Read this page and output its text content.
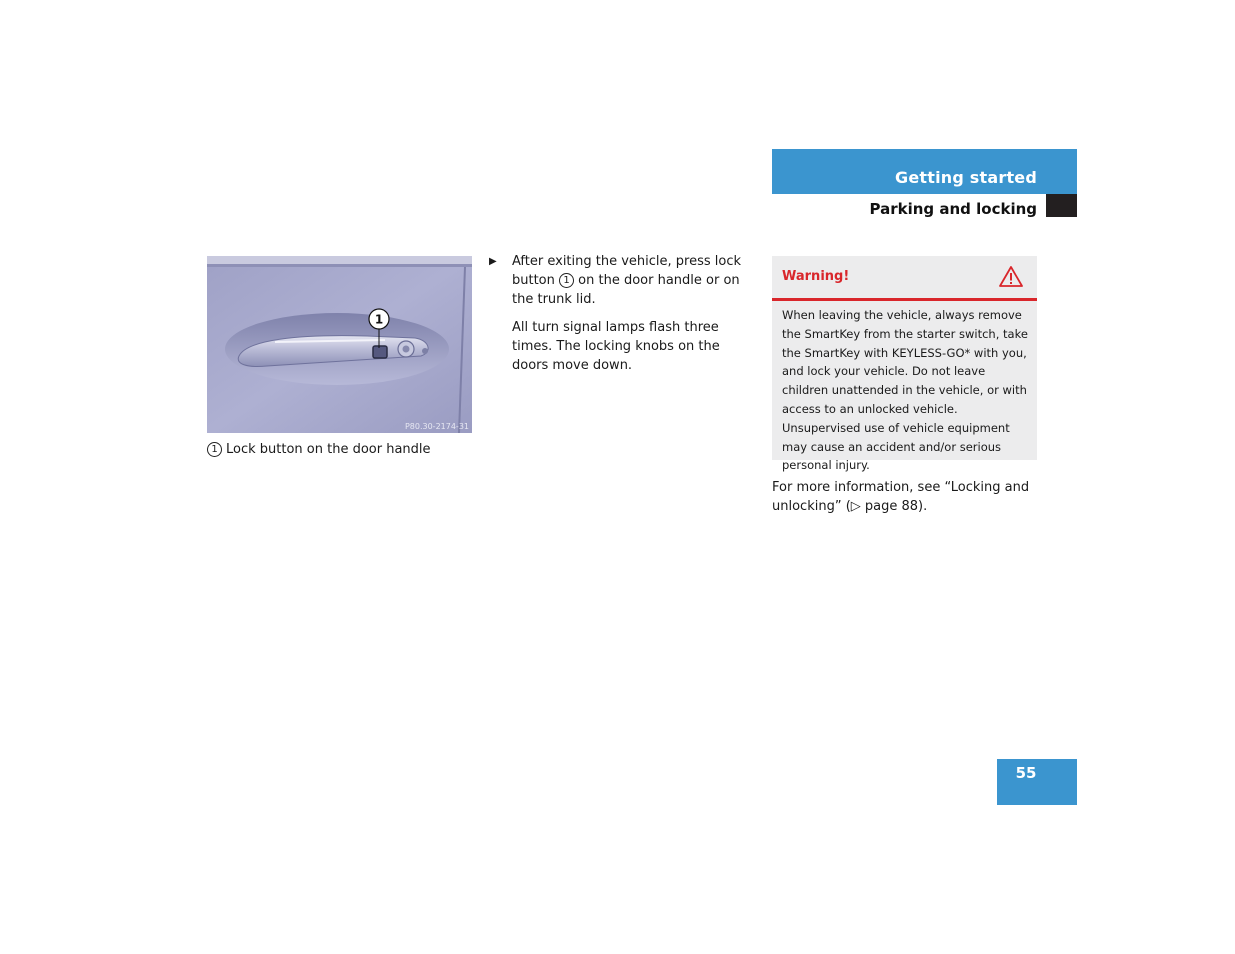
Getting started
Parking and locking
1
P80.30-2174-31
1 Lock button on the door handle
▶ After exiting the vehicle, press lock button 1 on the door handle or on the trunk lid.
All turn signal lamps flash three times. The locking knobs on the doors move down.
Warning!
When leaving the vehicle, always remove the SmartKey from the starter switch, take the SmartKey with KEYLESS-GO* with you, and lock your vehicle. Do not leave children unattended in the vehicle, or with access to an unlocked vehicle. Unsupervised use of vehicle equipment may cause an accident and/or serious personal injury.
For more information, see “Locking and unlocking” (▷ page 88).
55
